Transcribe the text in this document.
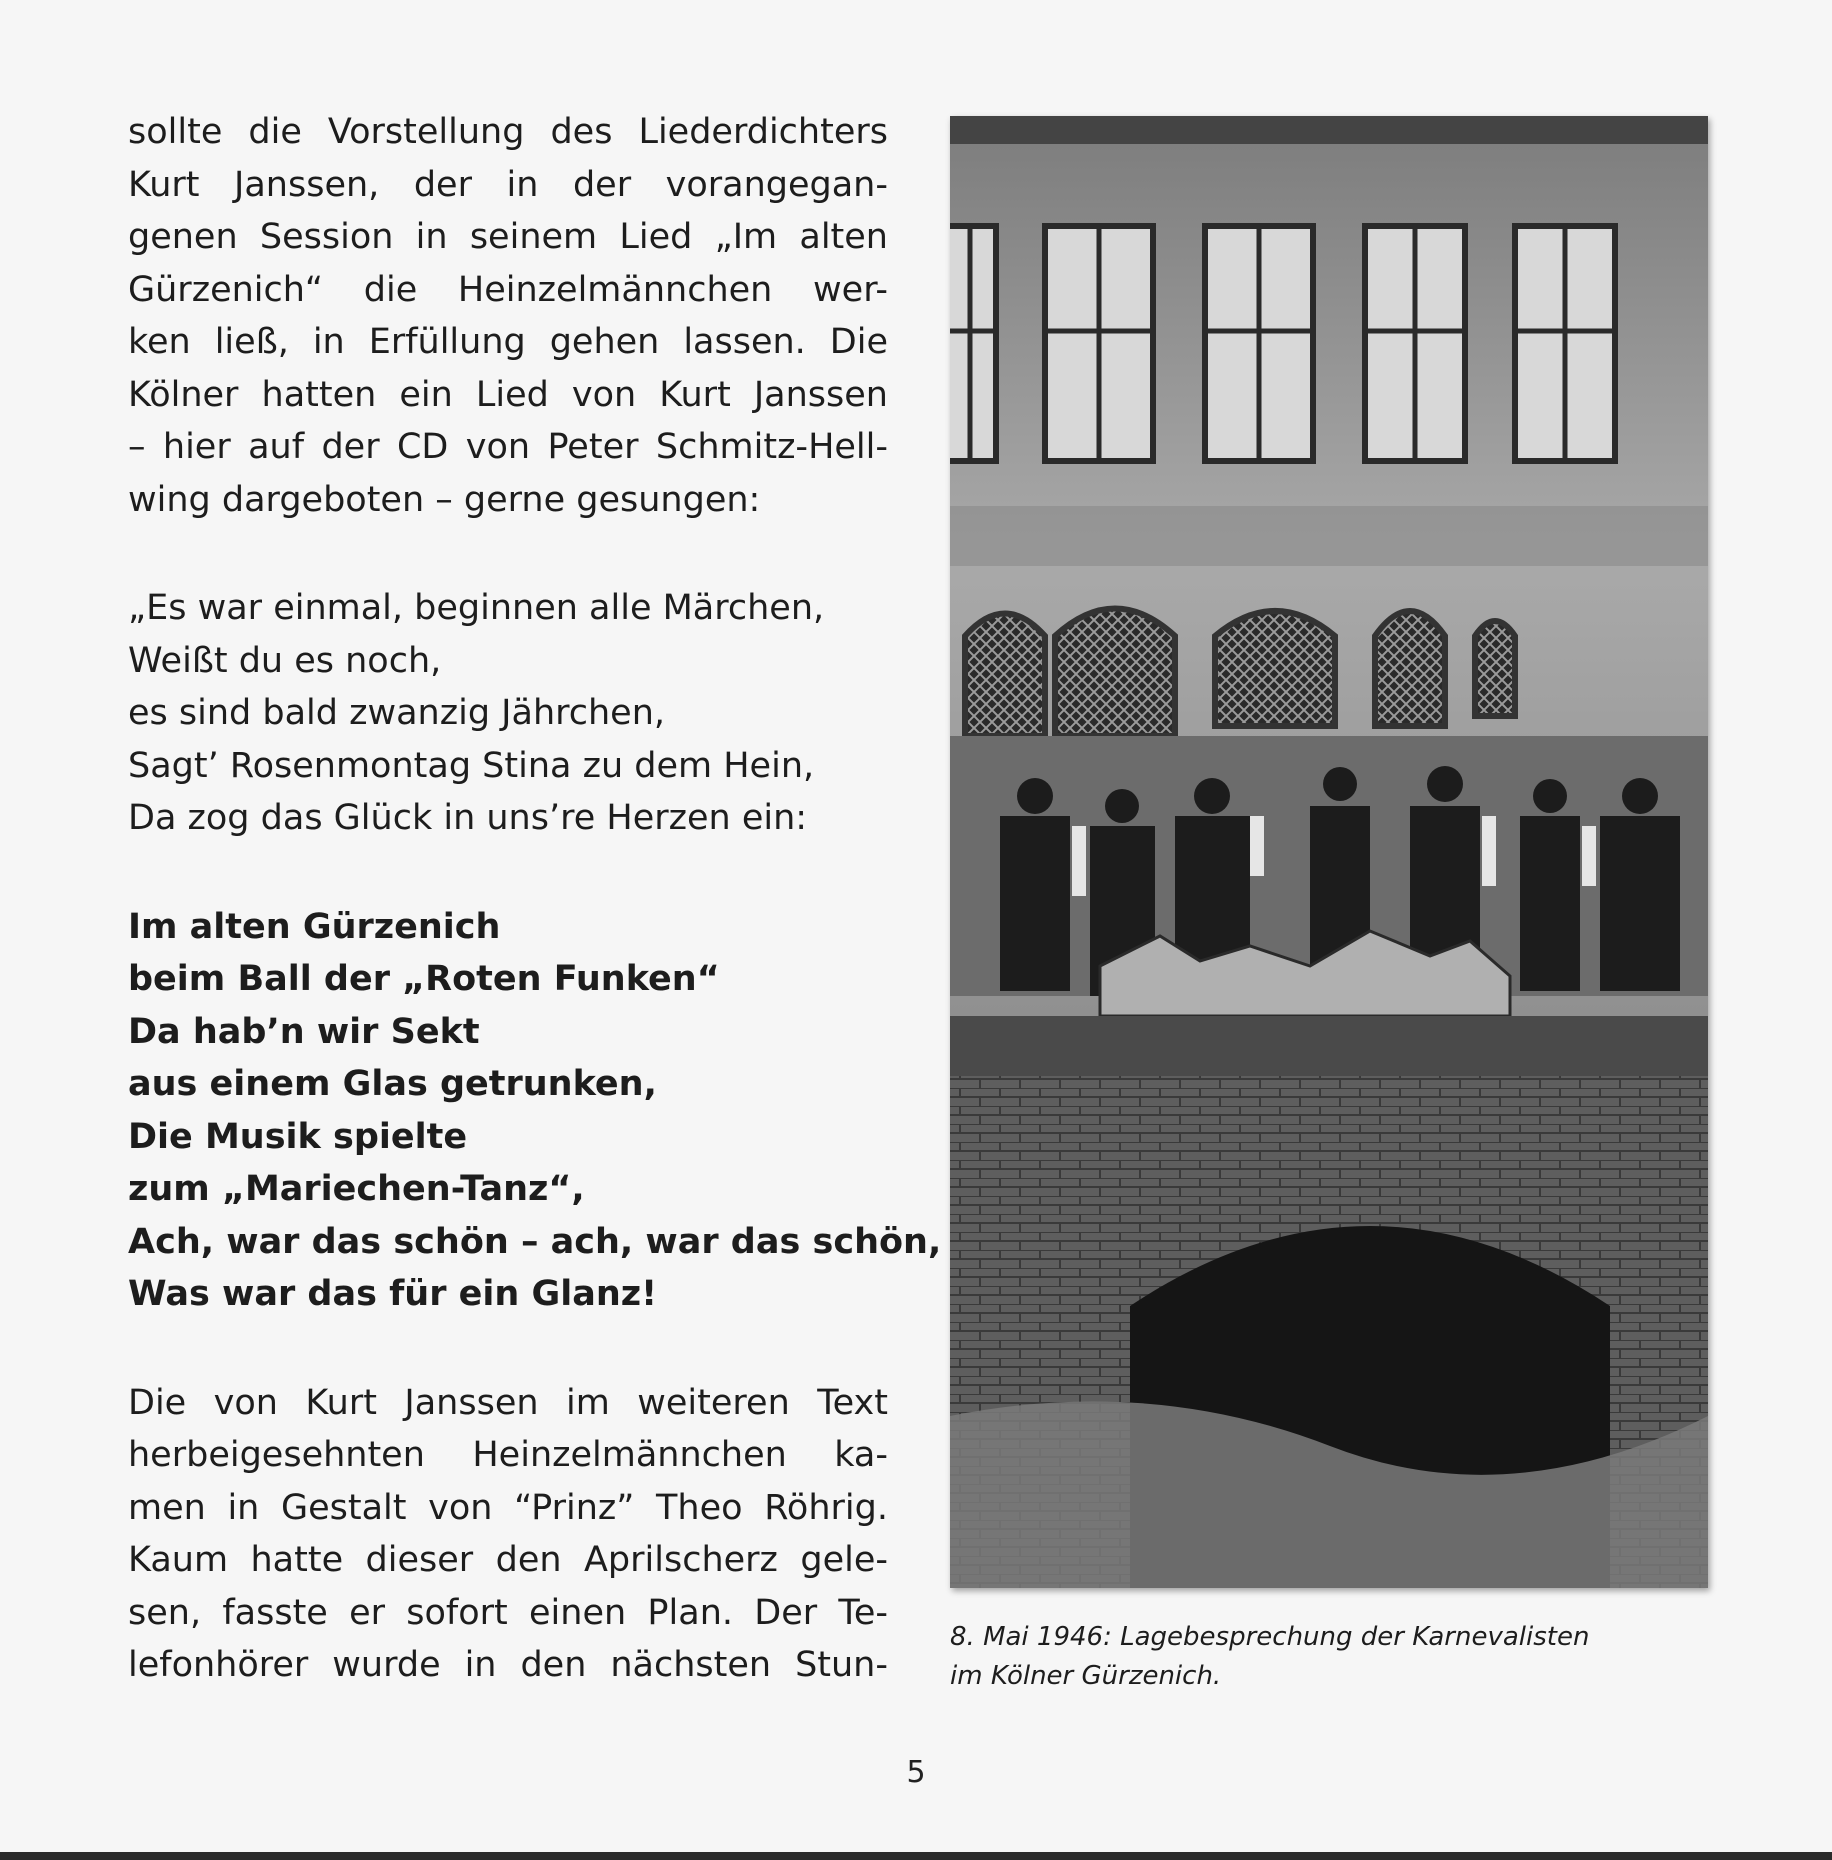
sollte die Vorstellung des Liederdichters
Kurt Janssen, der in der vorangegan-
genen Session in seinem Lied „Im alten
Gürzenich“ die Heinzelmännchen wer-
ken ließ, in Erfüllung gehen lassen. Die
Kölner hatten ein Lied von Kurt Janssen
– hier auf der CD von Peter Schmitz-Hell-
wing dargeboten – gerne gesungen:

„Es war einmal, beginnen alle Märchen,
Weißt du es noch,
es sind bald zwanzig Jährchen,
Sagt’ Rosenmontag Stina zu dem Hein,
Da zog das Glück in uns’re Herzen ein:

Im alten Gürzenich
beim Ball der „Roten Funken“
Da hab’n wir Sekt
aus einem Glas getrunken,
Die Musik spielte
zum „Mariechen-Tanz“,
Ach, war das schön – ach, war das schön,
Was war das für ein Glanz!

Die von Kurt Janssen im weiteren Text
herbeigesehnten Heinzelmännchen ka-
men in Gestalt von “Prinz” Theo Röhrig.
Kaum hatte dieser den Aprilscherz gele-
sen, fasste er sofort einen Plan. Der Te-
lefonhörer wurde in den nächsten Stun-

8. Mai 1946: Lagebesprechung der Karnevalisten
im Kölner Gürzenich.
5
